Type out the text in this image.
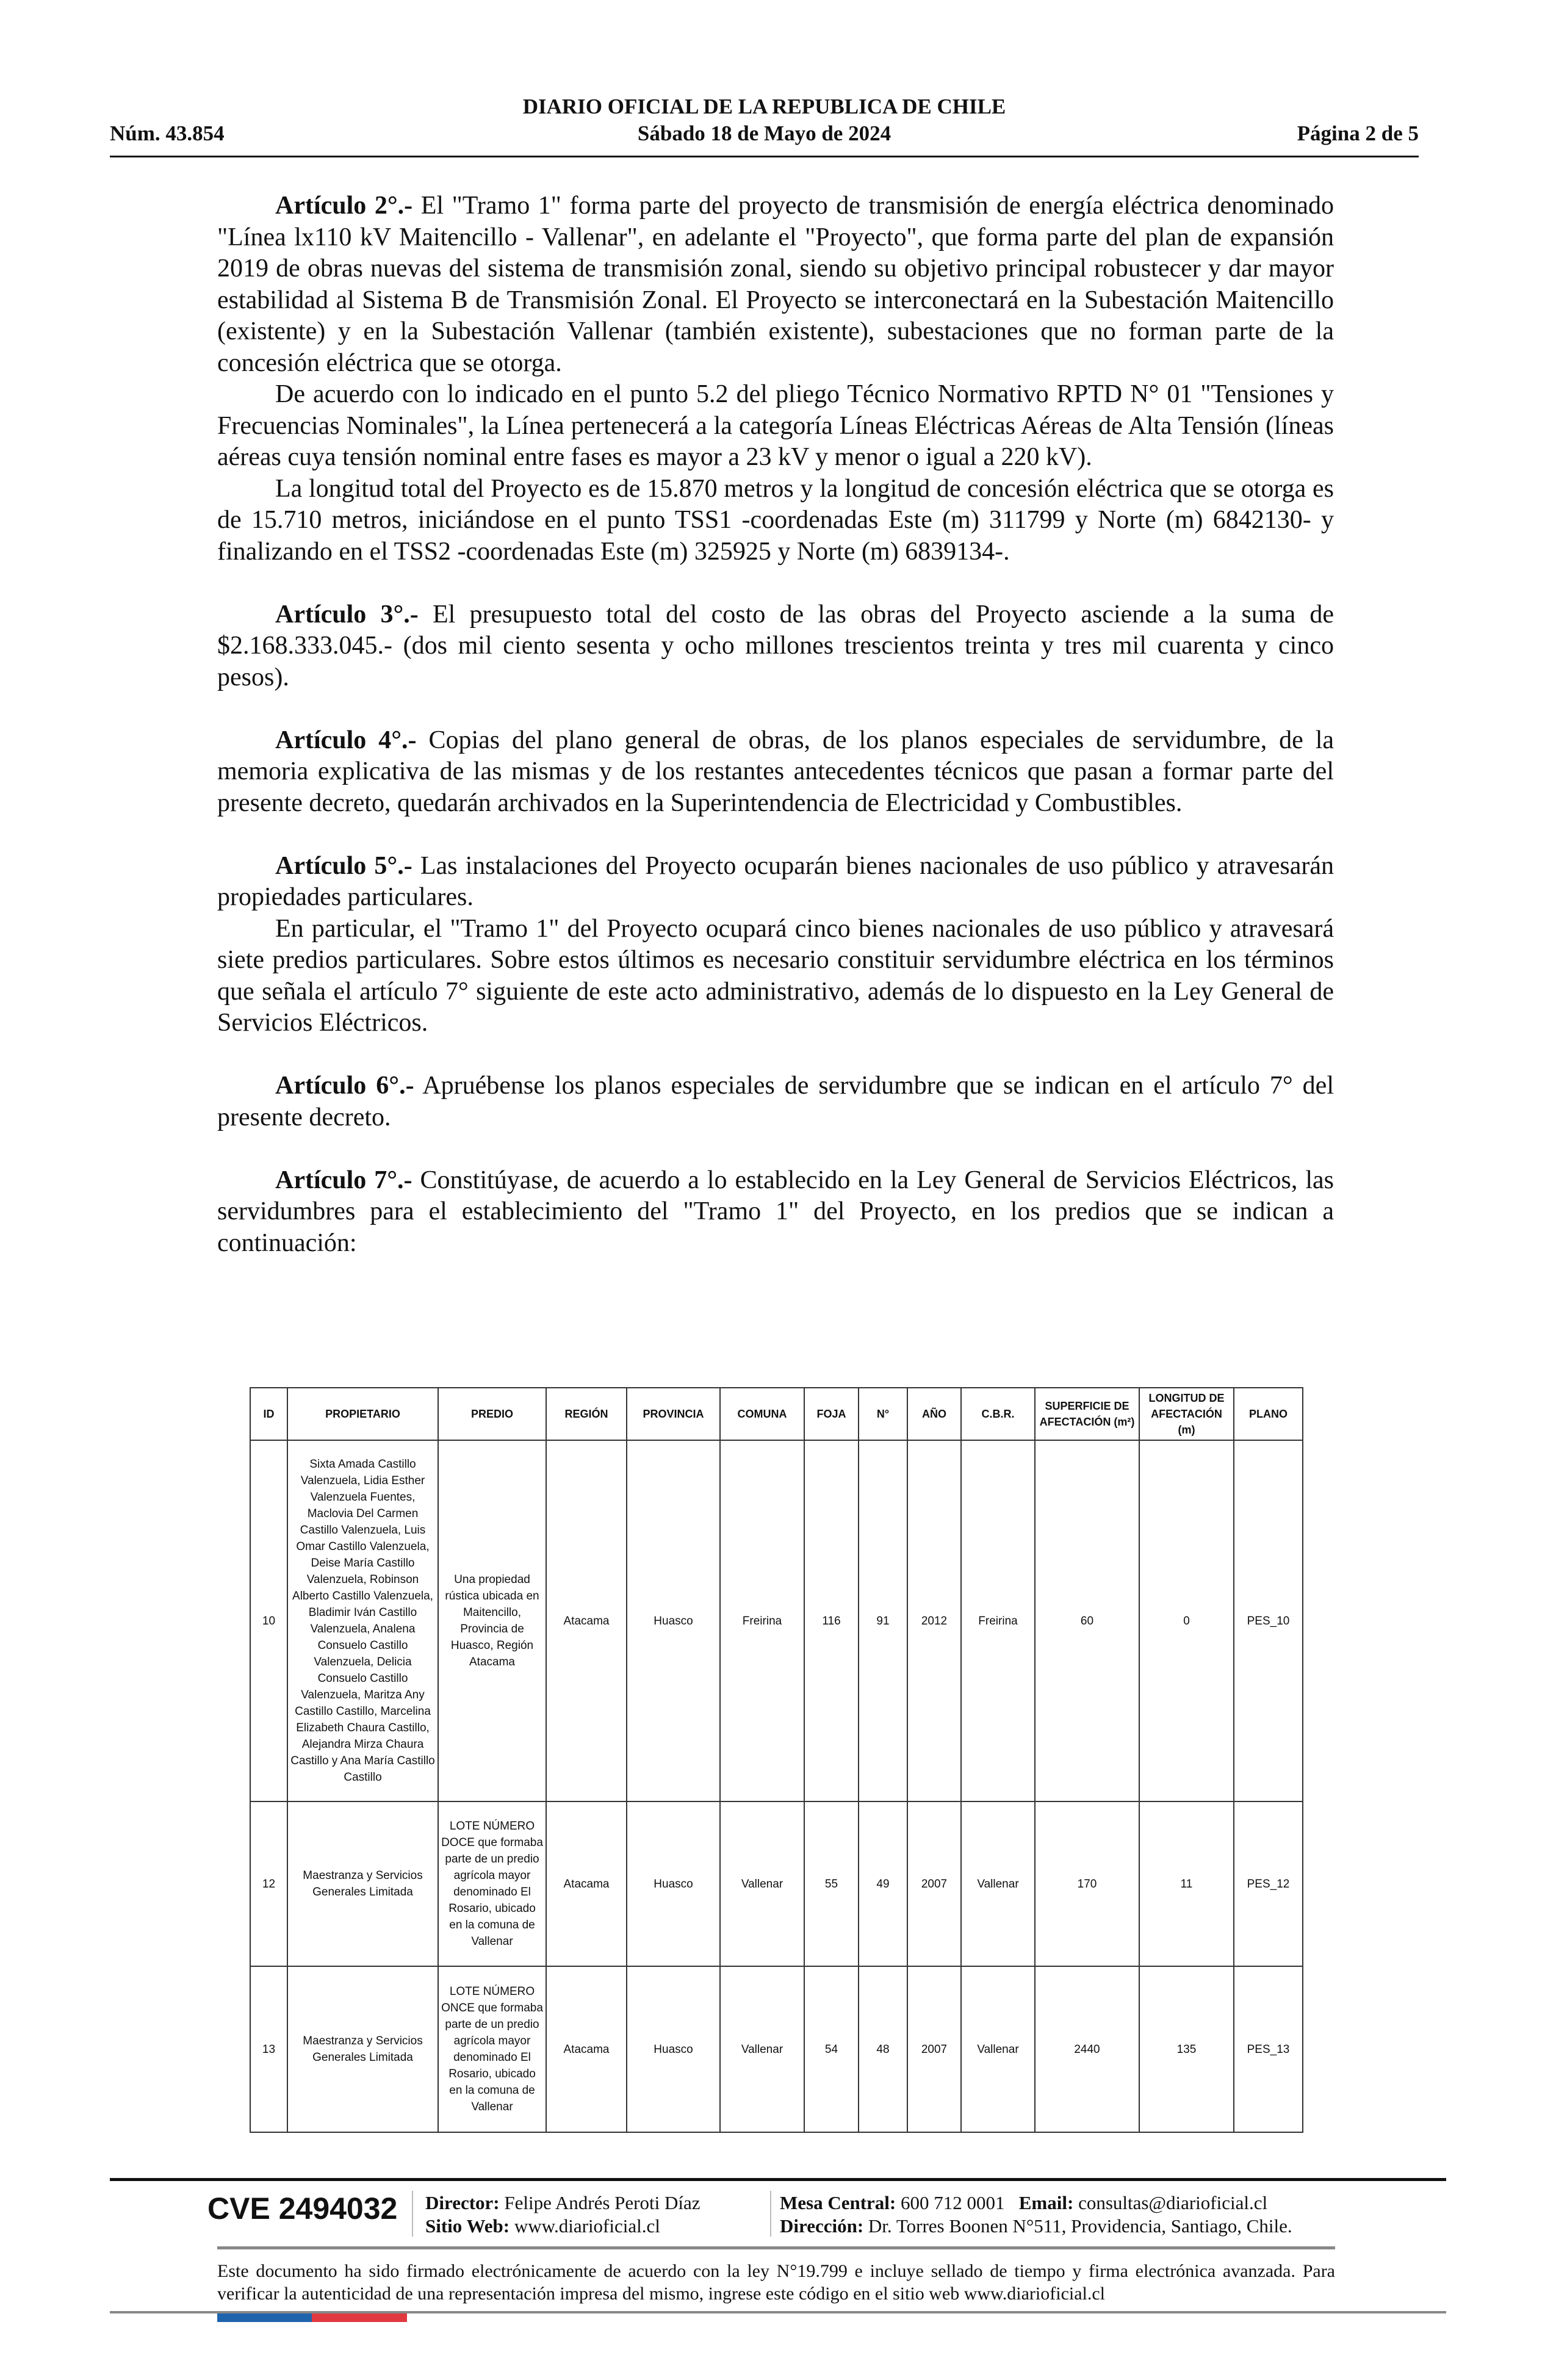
DIARIO OFICIAL DE LA REPUBLICA DE CHILE
Núm. 43.854	Sábado 18 de Mayo de 2024	Página 2 de 5

Artículo 2°.- El "Tramo 1" forma parte del proyecto de transmisión de energía eléctrica denominado "Línea lx110 kV Maitencillo - Vallenar", en adelante el "Proyecto", que forma parte del plan de expansión 2019 de obras nuevas del sistema de transmisión zonal, siendo su objetivo principal robustecer y dar mayor estabilidad al Sistema B de Transmisión Zonal. El Proyecto se interconectará en la Subestación Maitencillo (existente) y en la Subestación Vallenar (también existente), subestaciones que no forman parte de la concesión eléctrica que se otorga.

De acuerdo con lo indicado en el punto 5.2 del pliego Técnico Normativo RPTD N° 01 "Tensiones y Frecuencias Nominales", la Línea pertenecerá a la categoría Líneas Eléctricas Aéreas de Alta Tensión (líneas aéreas cuya tensión nominal entre fases es mayor a 23 kV y menor o igual a 220 kV).

La longitud total del Proyecto es de 15.870 metros y la longitud de concesión eléctrica que se otorga es de 15.710 metros, iniciándose en el punto TSS1 -coordenadas Este (m) 311799 y Norte (m) 6842130- y finalizando en el TSS2 -coordenadas Este (m) 325925 y Norte (m) 6839134-.

Artículo 3°.- El presupuesto total del costo de las obras del Proyecto asciende a la suma de $2.168.333.045.- (dos mil ciento sesenta y ocho millones trescientos treinta y tres mil cuarenta y cinco pesos).

Artículo 4°.- Copias del plano general de obras, de los planos especiales de servidumbre, de la memoria explicativa de las mismas y de los restantes antecedentes técnicos que pasan a formar parte del presente decreto, quedarán archivados en la Superintendencia de Electricidad y Combustibles.

Artículo 5°.- Las instalaciones del Proyecto ocuparán bienes nacionales de uso público y atravesarán propiedades particulares.

En particular, el "Tramo 1" del Proyecto ocupará cinco bienes nacionales de uso público y atravesará siete predios particulares. Sobre estos últimos es necesario constituir servidumbre eléctrica en los términos que señala el artículo 7° siguiente de este acto administrativo, además de lo dispuesto en la Ley General de Servicios Eléctricos.

Artículo 6°.- Apruébense los planos especiales de servidumbre que se indican en el artículo 7° del presente decreto.

Artículo 7°.- Constitúyase, de acuerdo a lo establecido en la Ley General de Servicios Eléctricos, las servidumbres para el establecimiento del "Tramo 1" del Proyecto, en los predios que se indican a continuación:

ID	PROPIETARIO	PREDIO	REGIÓN	PROVINCIA	COMUNA	FOJA	N°	AÑO	C.B.R.	SUPERFICIE DE AFECTACIÓN (m²)	LONGITUD DE AFECTACIÓN (m)	PLANO
10	Sixta Amada Castillo Valenzuela, Lidia Esther Valenzuela Fuentes, Maclovia Del Carmen Castillo Valenzuela, Luis Omar Castillo Valenzuela, Deise María Castillo Valenzuela, Robinson Alberto Castillo Valenzuela, Bladimir Iván Castillo Valenzuela, Analena Consuelo Castillo Valenzuela, Delicia Consuelo Castillo Valenzuela, Maritza Any Castillo Castillo, Marcelina Elizabeth Chaura Castillo, Alejandra Mirza Chaura Castillo y Ana María Castillo Castillo	Una propiedad rústica ubicada en Maitencillo, Provincia de Huasco, Región Atacama	Atacama	Huasco	Freirina	116	91	2012	Freirina	60	0	PES_10
12	Maestranza y Servicios Generales Limitada	LOTE NÚMERO DOCE que formaba parte de un predio agrícola mayor denominado El Rosario, ubicado en la comuna de Vallenar	Atacama	Huasco	Vallenar	55	49	2007	Vallenar	170	11	PES_12
13	Maestranza y Servicios Generales Limitada	LOTE NÚMERO ONCE que formaba parte de un predio agrícola mayor denominado El Rosario, ubicado en la comuna de Vallenar	Atacama	Huasco	Vallenar	54	48	2007	Vallenar	2440	135	PES_13
CVE 2494032 Director: Felipe Andrés Peroti Díaz
Sitio Web: www.diarioficial.cl
Mesa Central: 600 712 0001 Email: consultas@diarioficial.cl
Dirección: Dr. Torres Boonen N°511, Providencia, Santiago, Chile.
Este documento ha sido firmado electrónicamente de acuerdo con la ley N°19.799 e incluye sellado de tiempo y firma electrónica avanzada. Para verificar la autenticidad de una representación impresa del mismo, ingrese este código en el sitio web www.diarioficial.cl
